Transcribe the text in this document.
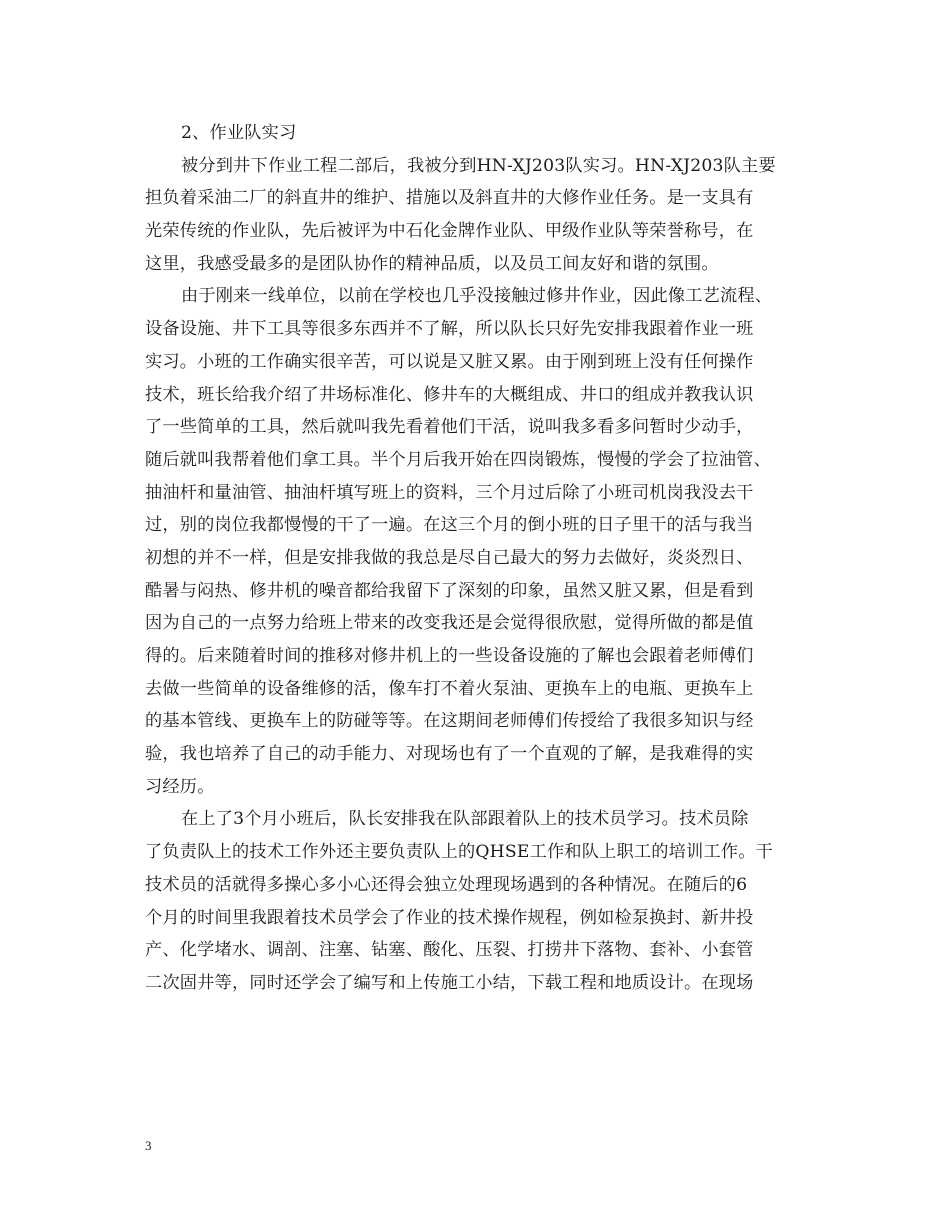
2、作业队实习
被分到井下作业工程二部后，我被分到HN-XJ203队实习。HN-XJ203队主要
担负着采油二厂的斜直井的维护、措施以及斜直井的大修作业任务。是一支具有
光荣传统的作业队，先后被评为中石化金牌作业队、甲级作业队等荣誉称号，在
这里，我感受最多的是团队协作的精神品质，以及员工间友好和谐的氛围。
由于刚来一线单位，以前在学校也几乎没接触过修井作业，因此像工艺流程、
设备设施、井下工具等很多东西并不了解，所以队长只好先安排我跟着作业一班
实习。小班的工作确实很辛苦，可以说是又脏又累。由于刚到班上没有任何操作
技术，班长给我介绍了井场标准化、修井车的大概组成、井口的组成并教我认识
了一些简单的工具，然后就叫我先看着他们干活，说叫我多看多问暂时少动手，
随后就叫我帮着他们拿工具。半个月后我开始在四岗锻炼，慢慢的学会了拉油管、
抽油杆和量油管、抽油杆填写班上的资料，三个月过后除了小班司机岗我没去干
过，别的岗位我都慢慢的干了一遍。在这三个月的倒小班的日子里干的活与我当
初想的并不一样，但是安排我做的我总是尽自己最大的努力去做好，炎炎烈日、
酷暑与闷热、修井机的噪音都给我留下了深刻的印象，虽然又脏又累，但是看到
因为自己的一点努力给班上带来的改变我还是会觉得很欣慰，觉得所做的都是值
得的。后来随着时间的推移对修井机上的一些设备设施的了解也会跟着老师傅们
去做一些简单的设备维修的活，像车打不着火泵油、更换车上的电瓶、更换车上
的基本管线、更换车上的防碰等等。在这期间老师傅们传授给了我很多知识与经
验，我也培养了自己的动手能力、对现场也有了一个直观的了解，是我难得的实
习经历。
在上了3个月小班后，队长安排我在队部跟着队上的技术员学习。技术员除
了负责队上的技术工作外还主要负责队上的QHSE工作和队上职工的培训工作。干
技术员的活就得多操心多小心还得会独立处理现场遇到的各种情况。在随后的6
个月的时间里我跟着技术员学会了作业的技术操作规程，例如检泵换封、新井投
产、化学堵水、调剖、注塞、钻塞、酸化、压裂、打捞井下落物、套补、小套管
二次固井等，同时还学会了编写和上传施工小结，下载工程和地质设计。在现场
3
